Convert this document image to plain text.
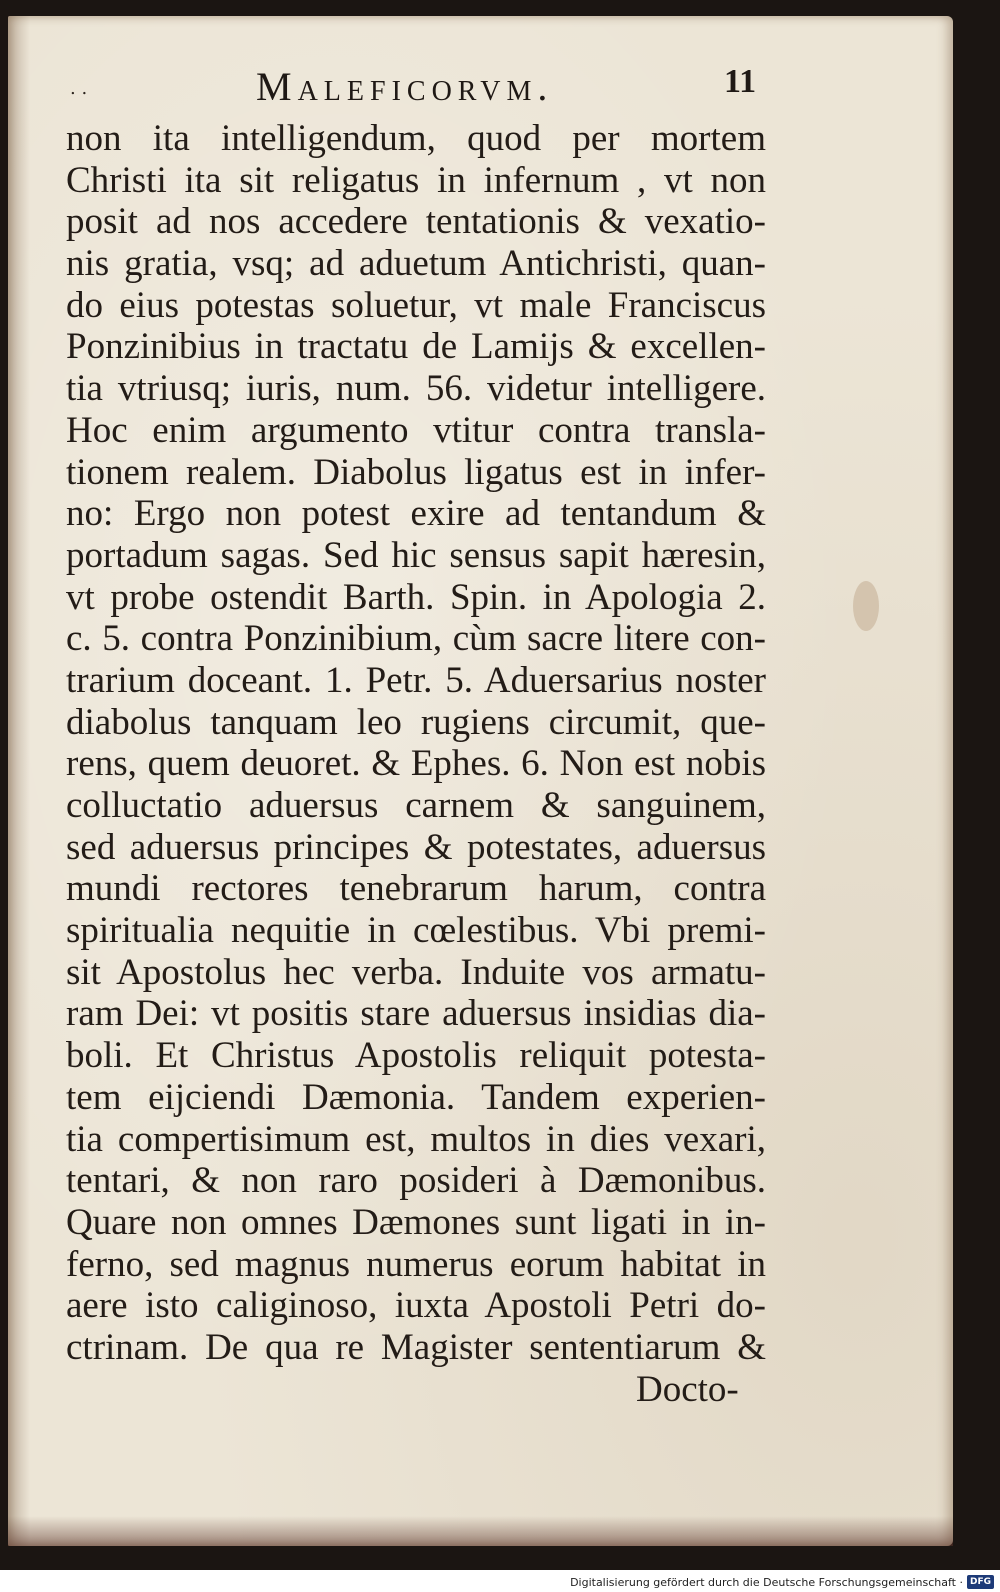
. .	Maleficorvm.	11
non ita intelligendum, quod per mortem
Christi ita sit religatus in infernum , vt non
posit ad nos accedere tentationis & vexatio-
nis gratia, vsq; ad aduetum Antichristi, quan-
do eius potestas soluetur, vt male Franciscus
Ponzinibius in tractatu de Lamijs & excellen-
tia vtriusq; iuris, num. 56. videtur intelligere.
Hoc enim argumento vtitur contra transla-
tionem realem. Diabolus ligatus est in infer-
no: Ergo non potest exire ad tentandum &
portadum sagas. Sed hic sensus sapit hæresin,
vt probe ostendit Barth. Spin. in Apologia 2.
c. 5. contra Ponzinibium, cùm sacre litere con-
trarium doceant. 1. Petr. 5. Aduersarius noster
diabolus tanquam leo rugiens circumit, que-
rens, quem deuoret. & Ephes. 6. Non est nobis
colluctatio aduersus carnem & sanguinem,
sed aduersus principes & potestates, aduersus
mundi rectores tenebrarum harum, contra
spiritualia nequitie in cœlestibus. Vbi premi-
sit Apostolus hec verba. Induite vos armatu-
ram Dei: vt positis stare aduersus insidias dia-
boli. Et Christus Apostolis reliquit potesta-
tem eijciendi Dæmonia. Tandem experien-
tia compertisimum est, multos in dies vexari,
tentari, & non raro posideri à Dæmonibus.
Quare non omnes Dæmones sunt ligati in in-
ferno, sed magnus numerus eorum habitat in
aere isto caliginoso, iuxta Apostoli Petri do-
ctrinam. De qua re Magister sententiarum &
Docto-
Digitalisierung gefördert durch die Deutsche Forschungsgemeinschaft · DFG
